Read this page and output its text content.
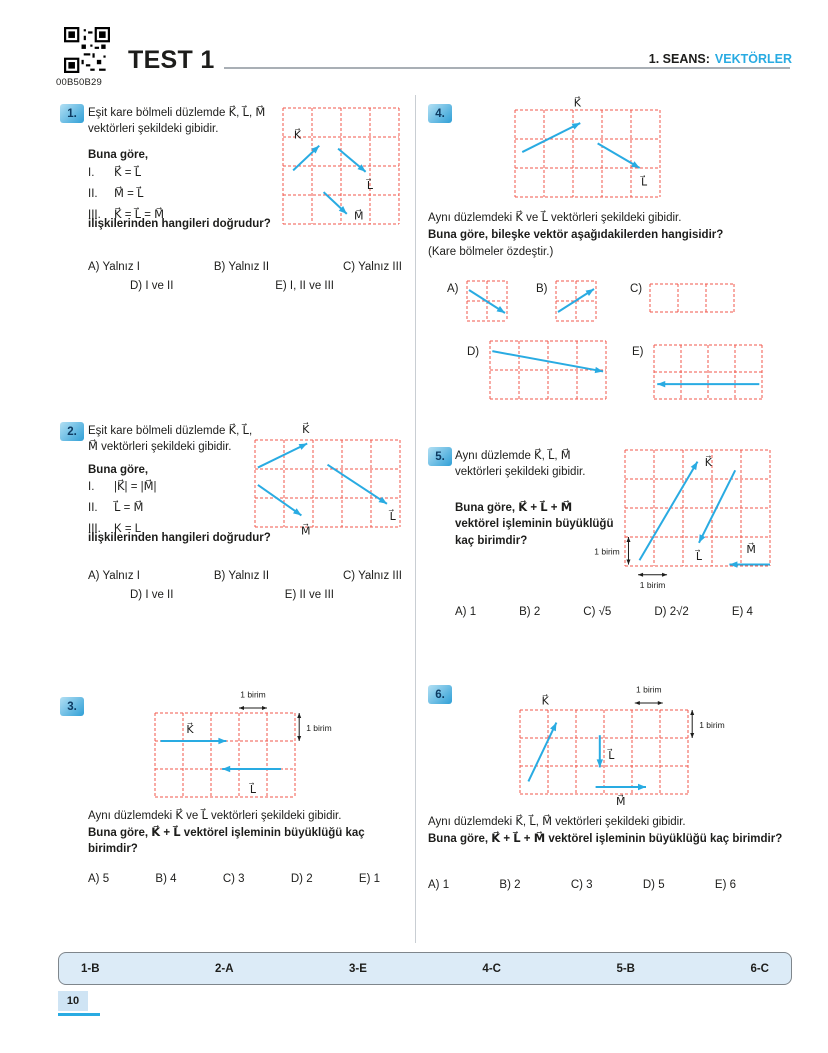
00B50B29
TEST 1	1. SEANS: VEKTÖRLER
1. Eşit kare bölmeli düzlemde K⃗, L⃗, M⃗ vektörleri şekildeki gibidir.
Buna göre,
I. K⃗ = L⃗
II. M⃗ = L⃗
III. K⃗ = L⃗ = M⃗
ilişkilerinden hangileri doğrudur?
K⃗
L⃗
M⃗
A) Yalnız I	B) Yalnız II	C) Yalnız III
D) I ve II	E) I, II ve III
2. Eşit kare bölmeli düzlemde K⃗, L⃗, M⃗ vektörleri şekildeki gibidir.
Buna göre,
I. |K⃗| = |M⃗|
II. L⃗ = M⃗
III. K = L
ilişkilerinden hangileri doğrudur?
K⃗
L⃗
M⃗
A) Yalnız I	B) Yalnız II	C) Yalnız III
D) I ve II	E) II ve III
3.
K⃗
L⃗
1 birim
1 birim
Aynı düzlemdeki K⃗ ve L⃗ vektörleri şekildeki gibidir.
Buna göre, K⃗ + L⃗ vektörel işleminin büyüklüğü kaç birimdir?
A) 5	B) 4	C) 3	D) 2	E) 1
4.
K⃗
L⃗
Aynı düzlemdeki K⃗ ve L⃗ vektörleri şekildeki gibidir.
Buna göre, bileşke vektör aşağıdakilerden hangisidir?
(Kare bölmeler özdeştir.)
A)	B)	C)
D)	E)
5. Aynı düzlemde K⃗, L⃗, M⃗ vektörleri şekildeki gibidir.
Buna göre, K⃗ + L⃗ + M⃗ vektörel işleminin büyüklüğü kaç birimdir?
K⃗
L⃗
M⃗
1 birim
1 birim
A) 1	B) 2	C) √5	D) 2√2	E) 4
6.
K⃗
L⃗
M⃗
1 birim
1 birim
Aynı düzlemdeki K⃗, L⃗, M⃗ vektörleri şekildeki gibidir.
Buna göre, K⃗ + L⃗ + M⃗ vektörel işleminin büyüklüğü kaç birimdir?
A) 1	B) 2	C) 3	D) 5	E) 6
1-B	2-A	3-E	4-C	5-B	6-C
10
